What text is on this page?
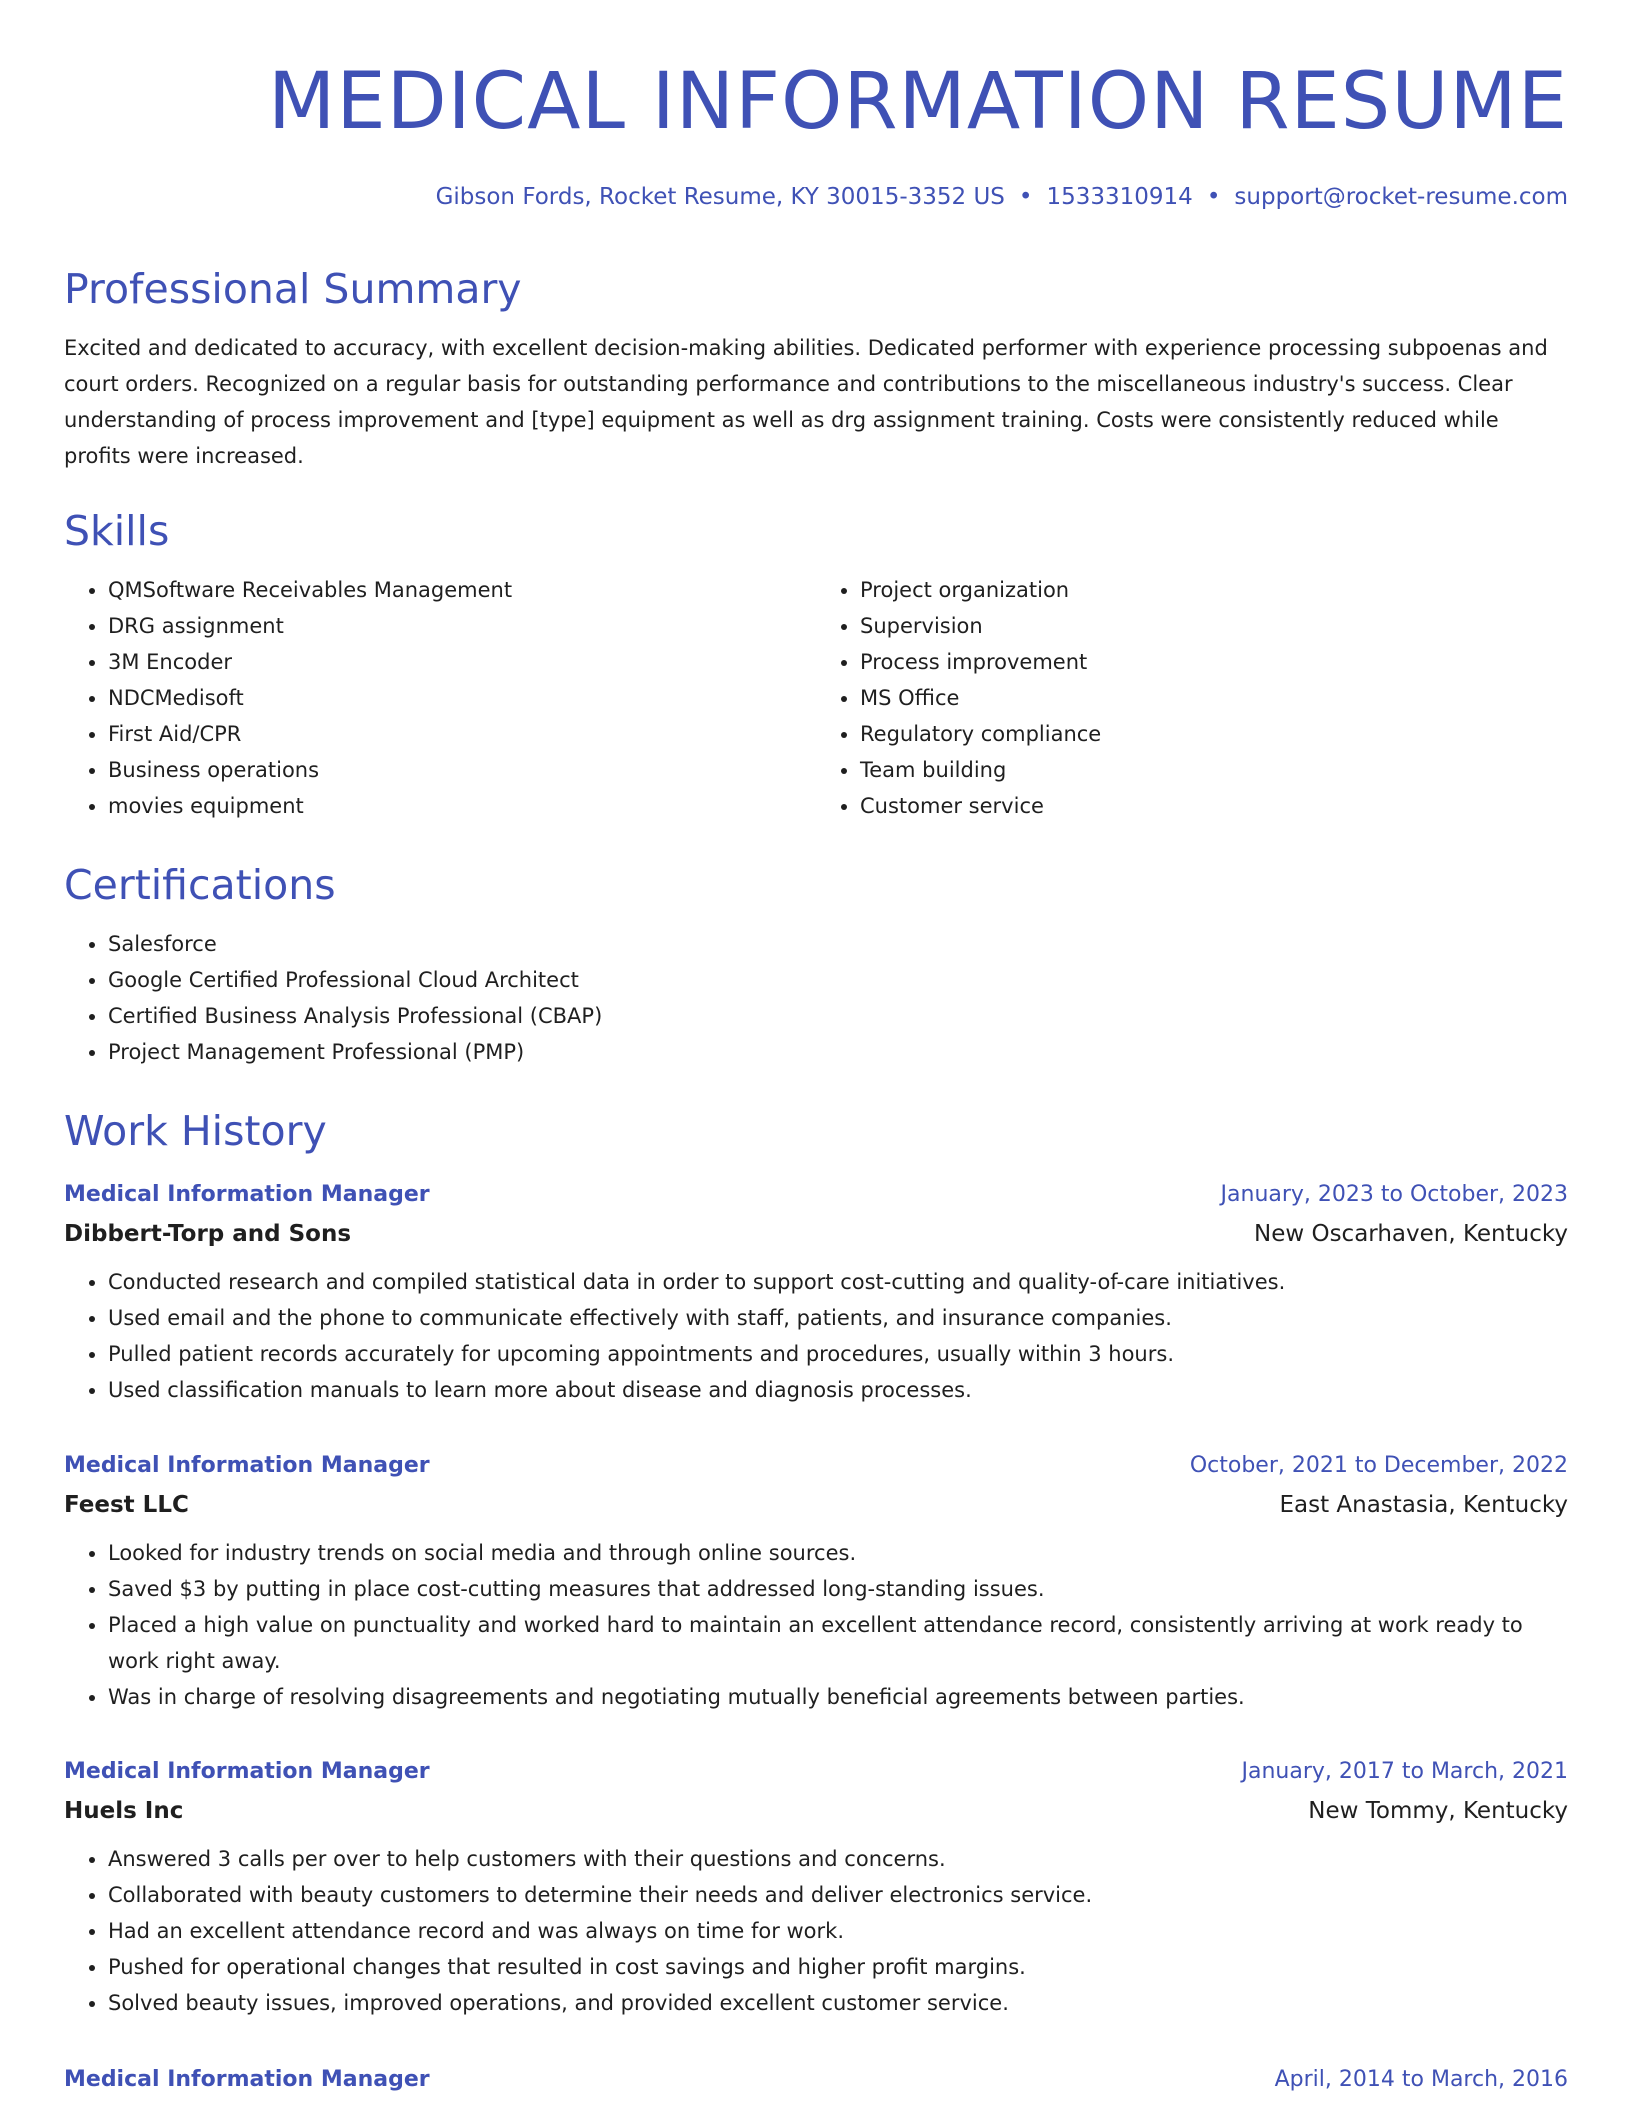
MEDICAL INFORMATION RESUME
Gibson Fords, Rocket Resume, KY 30015-3352 US • 1533310914 • support@rocket-resume.com
Professional Summary

Excited and dedicated to accuracy, with excellent decision-making abilities. Dedicated performer with experience processing subpoenas and court orders. Recognized on a regular basis for outstanding performance and contributions to the miscellaneous industry's success. Clear understanding of process improvement and [type] equipment as well as drg assignment training. Costs were consistently reduced while profits were increased.

Skills
• QMSoftware Receivables Management
• DRG assignment
• 3M Encoder
• NDCMedisoft
• First Aid/CPR
• Business operations
• movies equipment
• Project organization
• Supervision
• Process improvement
• MS Office
• Regulatory compliance
• Team building
• Customer service
Certifications
• Salesforce
• Google Certified Professional Cloud Architect
• Certified Business Analysis Professional (CBAP)
• Project Management Professional (PMP)
Work History
Medical Information Manager	January, 2023 to October, 2023
Dibbert-Torp and Sons	New Oscarhaven, Kentucky
• Conducted research and compiled statistical data in order to support cost-cutting and quality-of-care initiatives.
• Used email and the phone to communicate effectively with staff, patients, and insurance companies.
• Pulled patient records accurately for upcoming appointments and procedures, usually within 3 hours.
• Used classification manuals to learn more about disease and diagnosis processes.
Medical Information Manager	October, 2021 to December, 2022
Feest LLC	East Anastasia, Kentucky
• Looked for industry trends on social media and through online sources.
• Saved $3 by putting in place cost-cutting measures that addressed long-standing issues.
• Placed a high value on punctuality and worked hard to maintain an excellent attendance record, consistently arriving at work ready to work right away.
• Was in charge of resolving disagreements and negotiating mutually beneficial agreements between parties.
Medical Information Manager	January, 2017 to March, 2021
Huels Inc	New Tommy, Kentucky
• Answered 3 calls per over to help customers with their questions and concerns.
• Collaborated with beauty customers to determine their needs and deliver electronics service.
• Had an excellent attendance record and was always on time for work.
• Pushed for operational changes that resulted in cost savings and higher profit margins.
• Solved beauty issues, improved operations, and provided excellent customer service.
Medical Information Manager	April, 2014 to March, 2016
